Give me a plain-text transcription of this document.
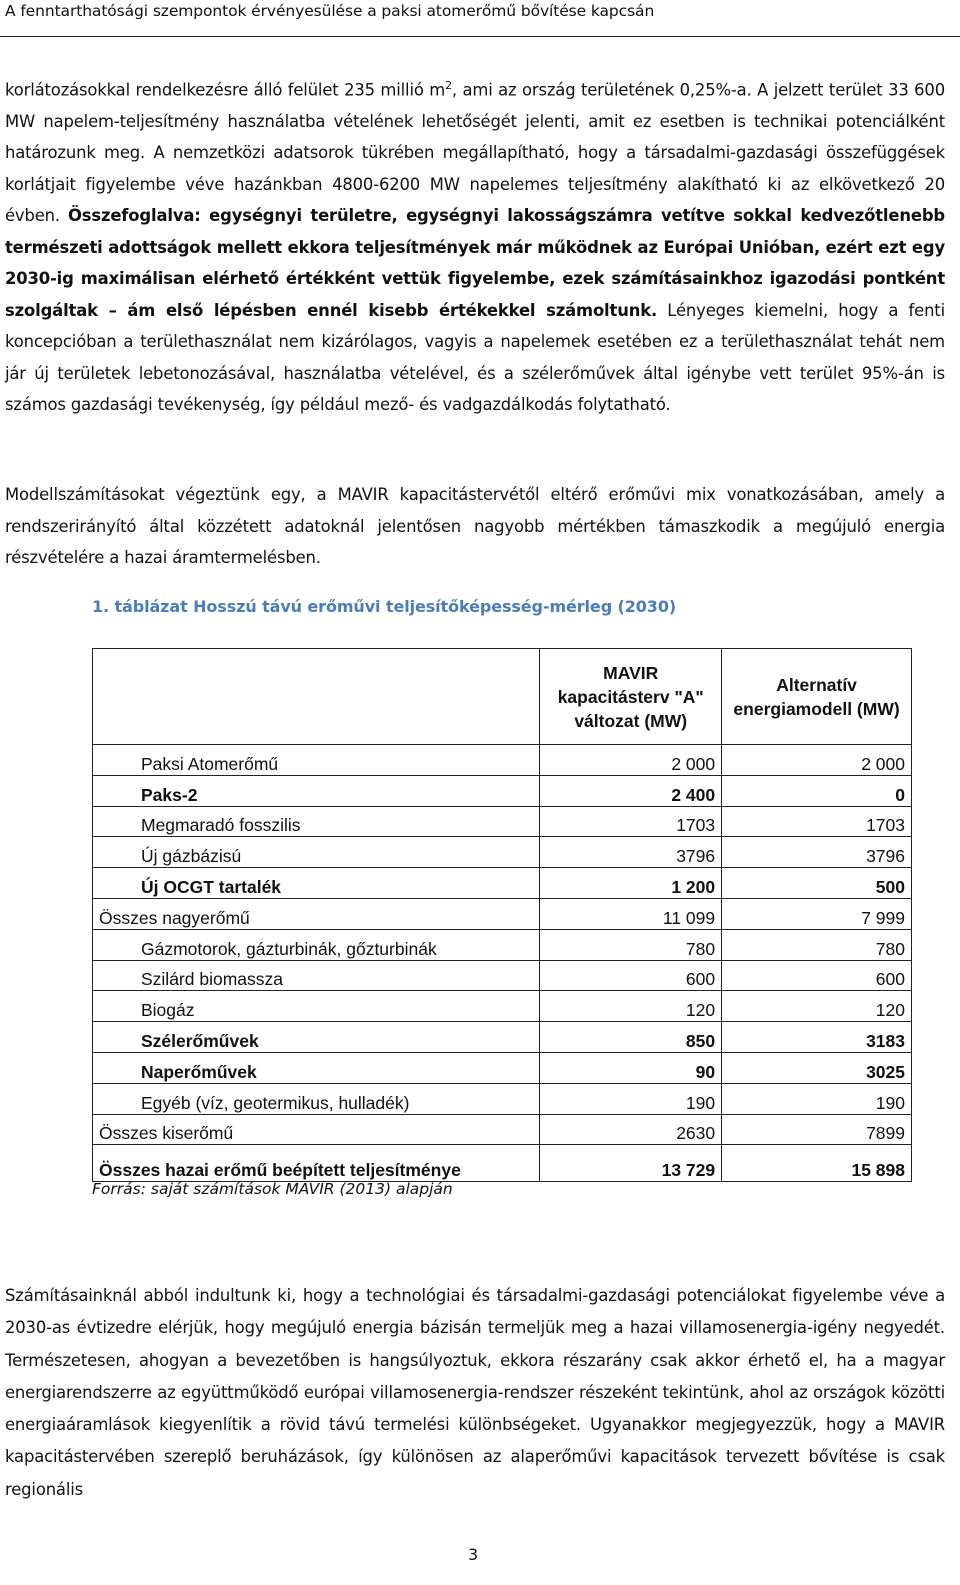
A fenntarthatósági szempontok érvényesülése a paksi atomerőmű bővítése kapcsán

korlátozásokkal rendelkezésre álló felület 235 millió $m^2$, ami az ország területének 0,25%-a. A jelzett terület 33 600 MW napelem-teljesítmény használatba vételének lehetőségét jelenti, amit ez esetben is technikai potenciálként határozunk meg. A nemzetközi adatsorok tükrében megállapítható, hogy a társadalmi-gazdasági összefüggések korlátjait figyelembe véve hazánkban 4800-6200 MW napelemes teljesítmény alakítható ki az elkövetkező 20 évben. Összefoglalva: egységnyi területre, egységnyi lakosságszámra vetítve sokkal kedvezőtlenebb természeti adottságok mellett ekkora teljesítmények már működnek az Európai Unióban, ezért ezt egy 2030-ig maximálisan elérhető értékként vettük figyelembe, ezek számításainkhoz igazodási pontként szolgáltak – ám első lépésben ennél kisebb értékekkel számoltunk. Lényeges kiemelni, hogy a fenti koncepcióban a területhasználat nem kizárólagos, vagyis a napelemek esetében ez a területhasználat tehát nem jár új területek lebetonozásával, használatba vételével, és a szélerőművek által igénybe vett terület 95%-án is számos gazdasági tevékenység, így például mező- és vadgazdálkodás folytatható.

Modellszámításokat végeztünk egy, a MAVIR kapacitástervétől eltérő erőművi mix vonatkozásában, amely a rendszerirányító által közzétett adatoknál jelentősen nagyobb mértékben támaszkodik a megújuló energia részvételére a hazai áramtermelésben.

1. táblázat Hosszú távú erőművi teljesítőképesség-mérleg (2030)
	MAVIR kapacitásterv "A" változat (MW)	Alternatív energiamodell (MW)
Paksi Atomerőmű	2 000	2 000
Paks-2	2 400	0
Megmaradó fosszilis	1703	1703
Új gázbázisú	3796	3796
Új OCGT tartalék	1 200	500
Összes nagyerőmű	11 099	7 999
Gázmotorok, gázturbinák, gőzturbinák	780	780
Szilárd biomassza	600	600
Biogáz	120	120
Szélerőművek	850	3183
Naperőművek	90	3025
Egyéb (víz, geotermikus, hulladék)	190	190
Összes kiserőmű	2630	7899
Összes hazai erőmű beépített teljesítménye	13 729	15 898
Forrás: saját számítások MAVIR (2013) alapján

Számításainknál abból indultunk ki, hogy a technológiai és társadalmi-gazdasági potenciálokat figyelembe véve a 2030-as évtizedre elérjük, hogy megújuló energia bázisán termeljük meg a hazai villamosenergia-igény negyedét. Természetesen, ahogyan a bevezetőben is hangsúlyoztuk, ekkora részarány csak akkor érhető el, ha a magyar energiarendszerre az együttműködő európai villamosenergia-rendszer részeként tekintünk, ahol az országok közötti energiaáramlások kiegyenlítik a rövid távú termelési különbségeket. Ugyanakkor megjegyezzük, hogy a MAVIR kapacitástervében szereplő beruházások, így különösen az alaperőművi kapacitások tervezett bővítése is csak regionális

3
